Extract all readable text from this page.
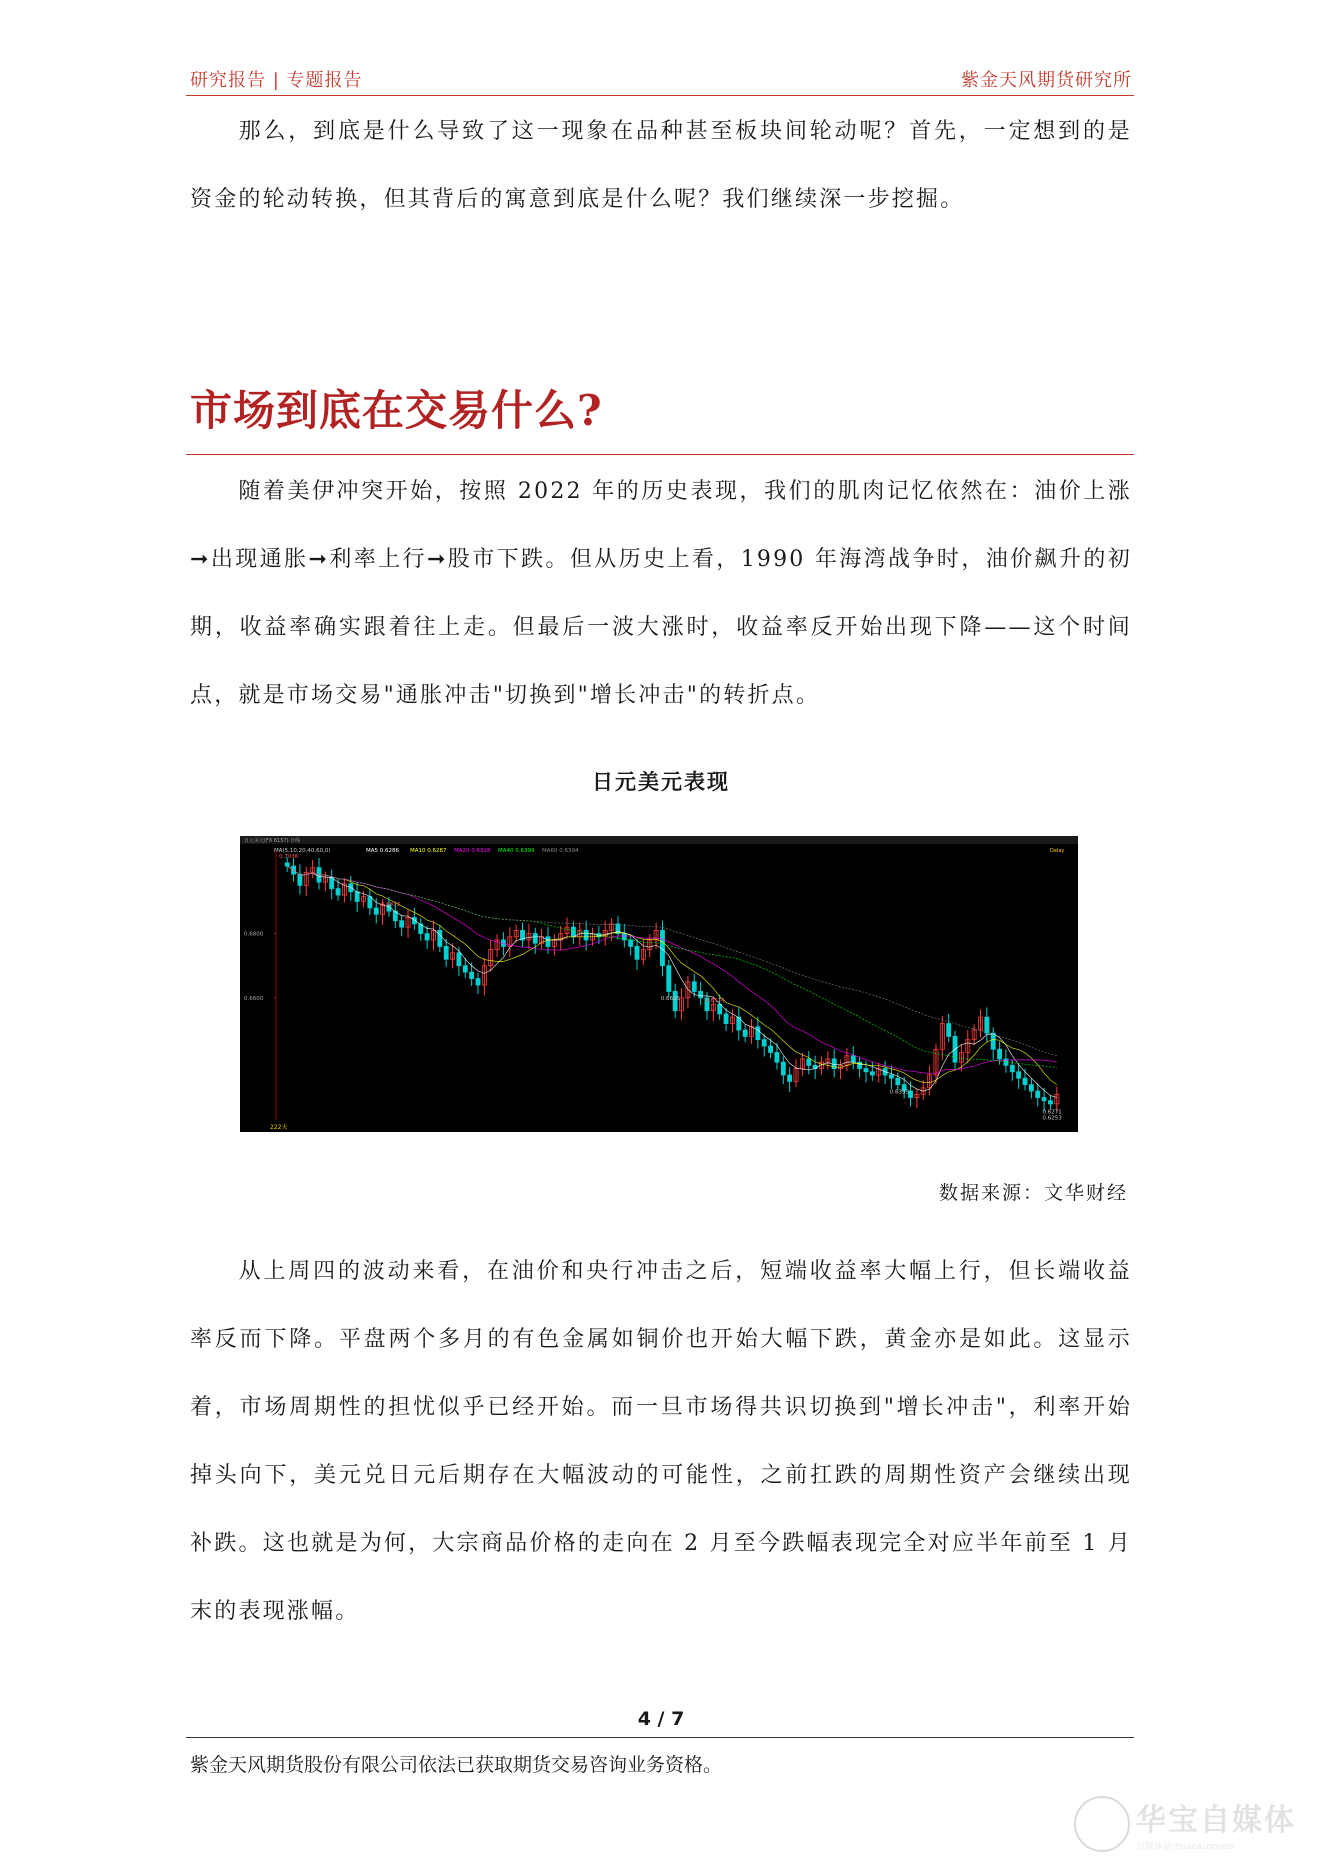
研究报告 | 专题报告	紫金天风期货研究所

那么，到底是什么导致了这一现象在品种甚至板块间轮动呢？首先，一定想到的是资金的轮动转换，但其背后的寓意到底是什么呢？我们继续深一步挖掘。

市场到底在交易什么?

随着美伊冲突开始，按照 2022 年的历史表现，我们的肌肉记忆依然在：油价上涨➞出现通胀➞利率上行➞股市下跌。但从历史上看，1990 年海湾战争时，油价飙升的初期，收益率确实跟着往上走。但最后一波大涨时，收益率反开始出现下降——这个时间点，就是市场交易"通胀冲击"切换到"增长冲击"的转折点。

日元美元表现
日元美元(FX 6157) 日线
Delay
MA(5,10,20,40,60,0)	MA5 0.6286 MA10 0.6287 MA20 0.6328 MA40 0.6399 MA60 0.6394
0.6800
0.6600
222天
0.7036
0.6873
0.6625	0.6574
0.6333
0.6271
0.6253
数据来源：文华财经

从上周四的波动来看，在油价和央行冲击之后，短端收益率大幅上行，但长端收益率反而下降。平盘两个多月的有色金属如铜价也开始大幅下跌，黄金亦是如此。这显示着，市场周期性的担忧似乎已经开始。而一旦市场得共识切换到"增长冲击"，利率开始掉头向下，美元兑日元后期存在大幅波动的可能性，之前扛跌的周期性资产会继续出现补跌。这也就是为何，大宗商品价格的走向在 2 月至今跌幅表现完全对应半年前至 1 月末的表现涨幅。

4 / 7
紫金天风期货股份有限公司依法已获取期货交易咨询业务资格。
华宝自媒体
自媒体站·huacaizimeiti
